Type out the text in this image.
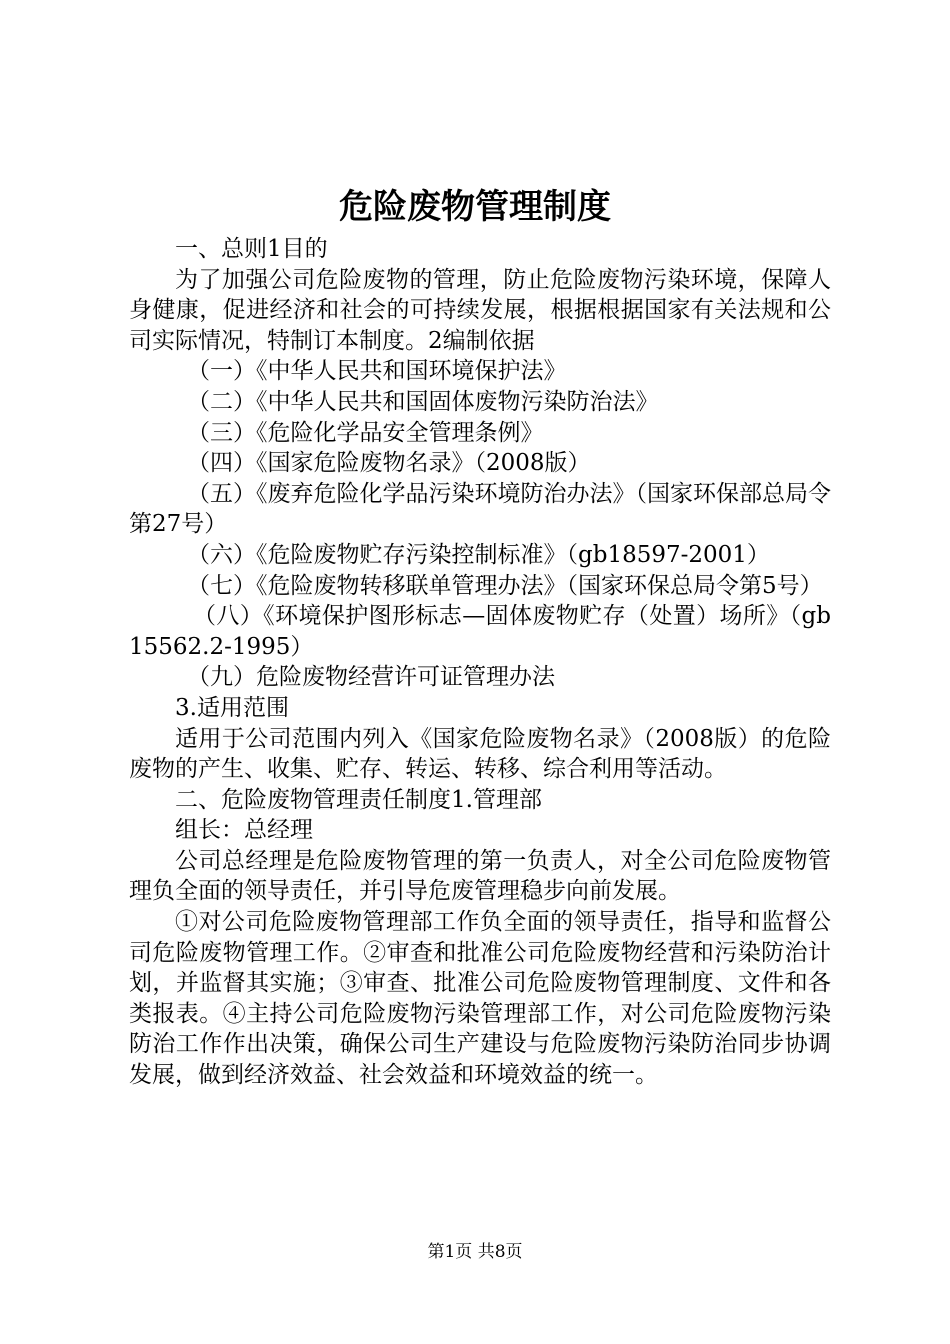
危险废物管理制度

一、总则1目的

为了加强公司危险废物的管理，防止危险废物污染环境，保障人身健康，促进经济和社会的可持续发展，根据根据国家有关法规和公司实际情况，特制订本制度。2编制依据

（一）《中华人民共和国环境保护法》

（二）《中华人民共和国固体废物污染防治法》

（三）《危险化学品安全管理条例》

（四）《国家危险废物名录》（2008版）

（五）《废弃危险化学品污染环境防治办法》（国家环保部总局令第27号）

（六）《危险废物贮存污染控制标准》（gb18597-2001）

（七）《危险废物转移联单管理办法》（国家环保总局令第5号）

（八）《环境保护图形标志—固体废物贮存（处置）场所》（gb15562.2-1995）

（九）危险废物经营许可证管理办法

3.适用范围

适用于公司范围内列入《国家危险废物名录》（2008版）的危险废物的产生、收集、贮存、转运、转移、综合利用等活动。

二、危险废物管理责任制度1.管理部

组长：总经理

公司总经理是危险废物管理的第一负责人，对全公司危险废物管理负全面的领导责任，并引导危废管理稳步向前发展。

①对公司危险废物管理部工作负全面的领导责任，指导和监督公司危险废物管理工作。②审查和批准公司危险废物经营和污染防治计划，并监督其实施；③审查、批准公司危险废物管理制度、文件和各类报表。④主持公司危险废物污染管理部工作，对公司危险废物污染防治工作作出决策，确保公司生产建设与危险废物污染防治同步协调发展，做到经济效益、社会效益和环境效益的统一。

第1页 共8页
